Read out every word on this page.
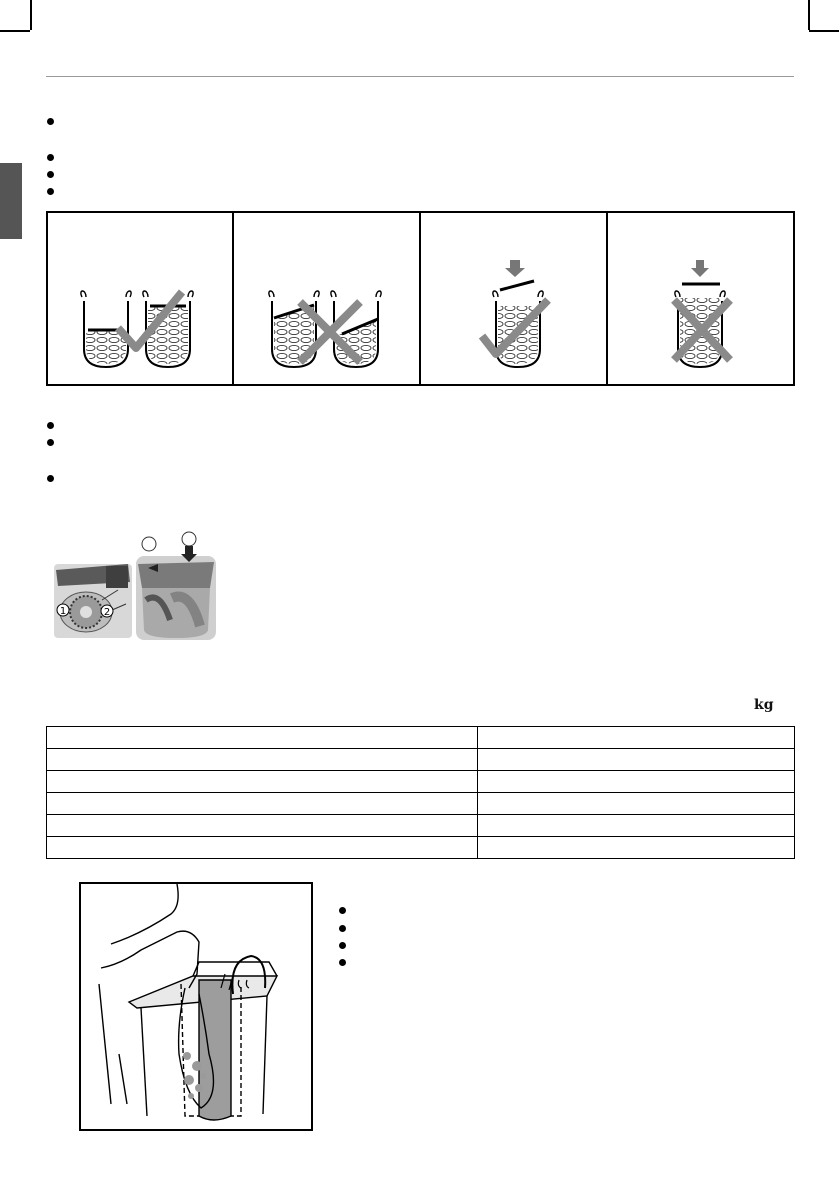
1	2
kg
